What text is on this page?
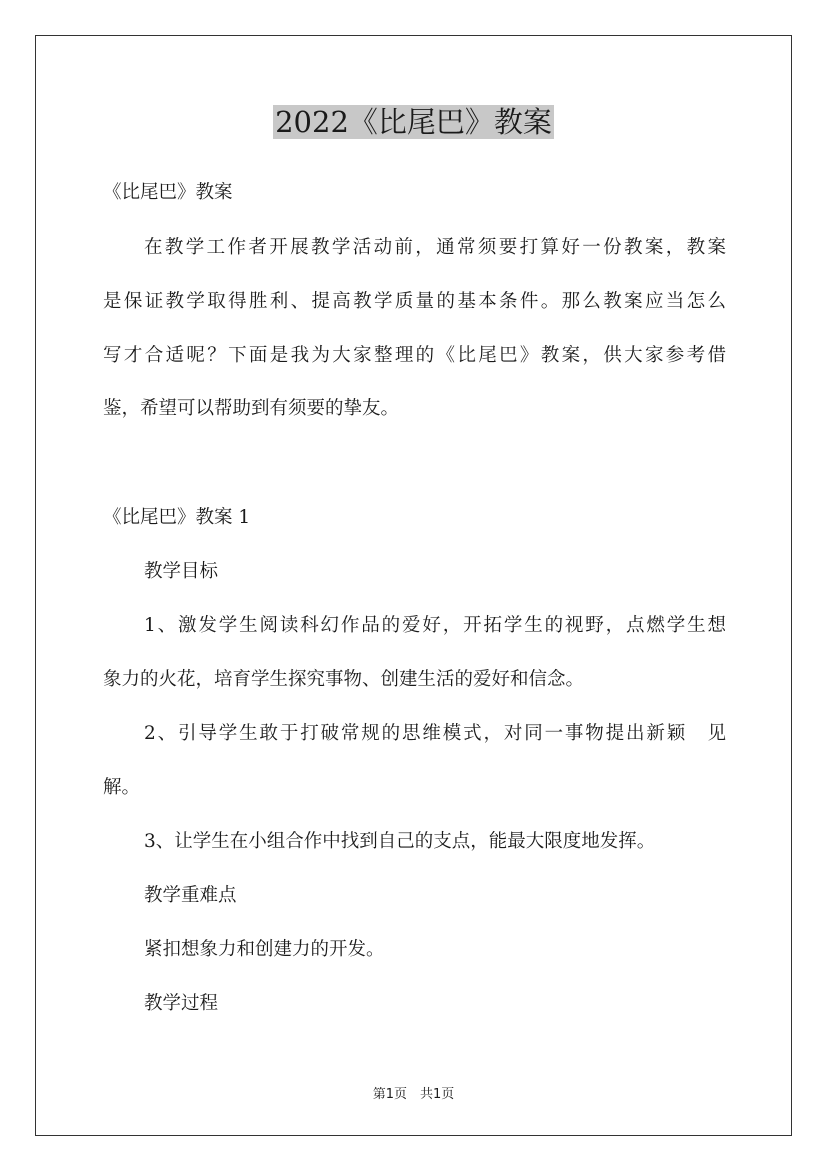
2022《比尾巴》教案
《比尾巴》教案
在教学工作者开展教学活动前，通常须要打算好一份教案，教案
是保证教学取得胜利、提高教学质量的基本条件。那么教案应当怎么
写才合适呢？下面是我为大家整理的《比尾巴》教案，供大家参考借
鉴，希望可以帮助到有须要的挚友。
《比尾巴》教案 1
教学目标
1、激发学生阅读科幻作品的爱好，开拓学生的视野，点燃学生想
象力的火花，培育学生探究事物、创建生活的爱好和信念。
2、引导学生敢于打破常规的思维模式，对同一事物提出新颖　见
解。
3、让学生在小组合作中找到自己的支点，能最大限度地发挥。
教学重难点
紧扣想象力和创建力的开发。
教学过程
第1页　共1页
